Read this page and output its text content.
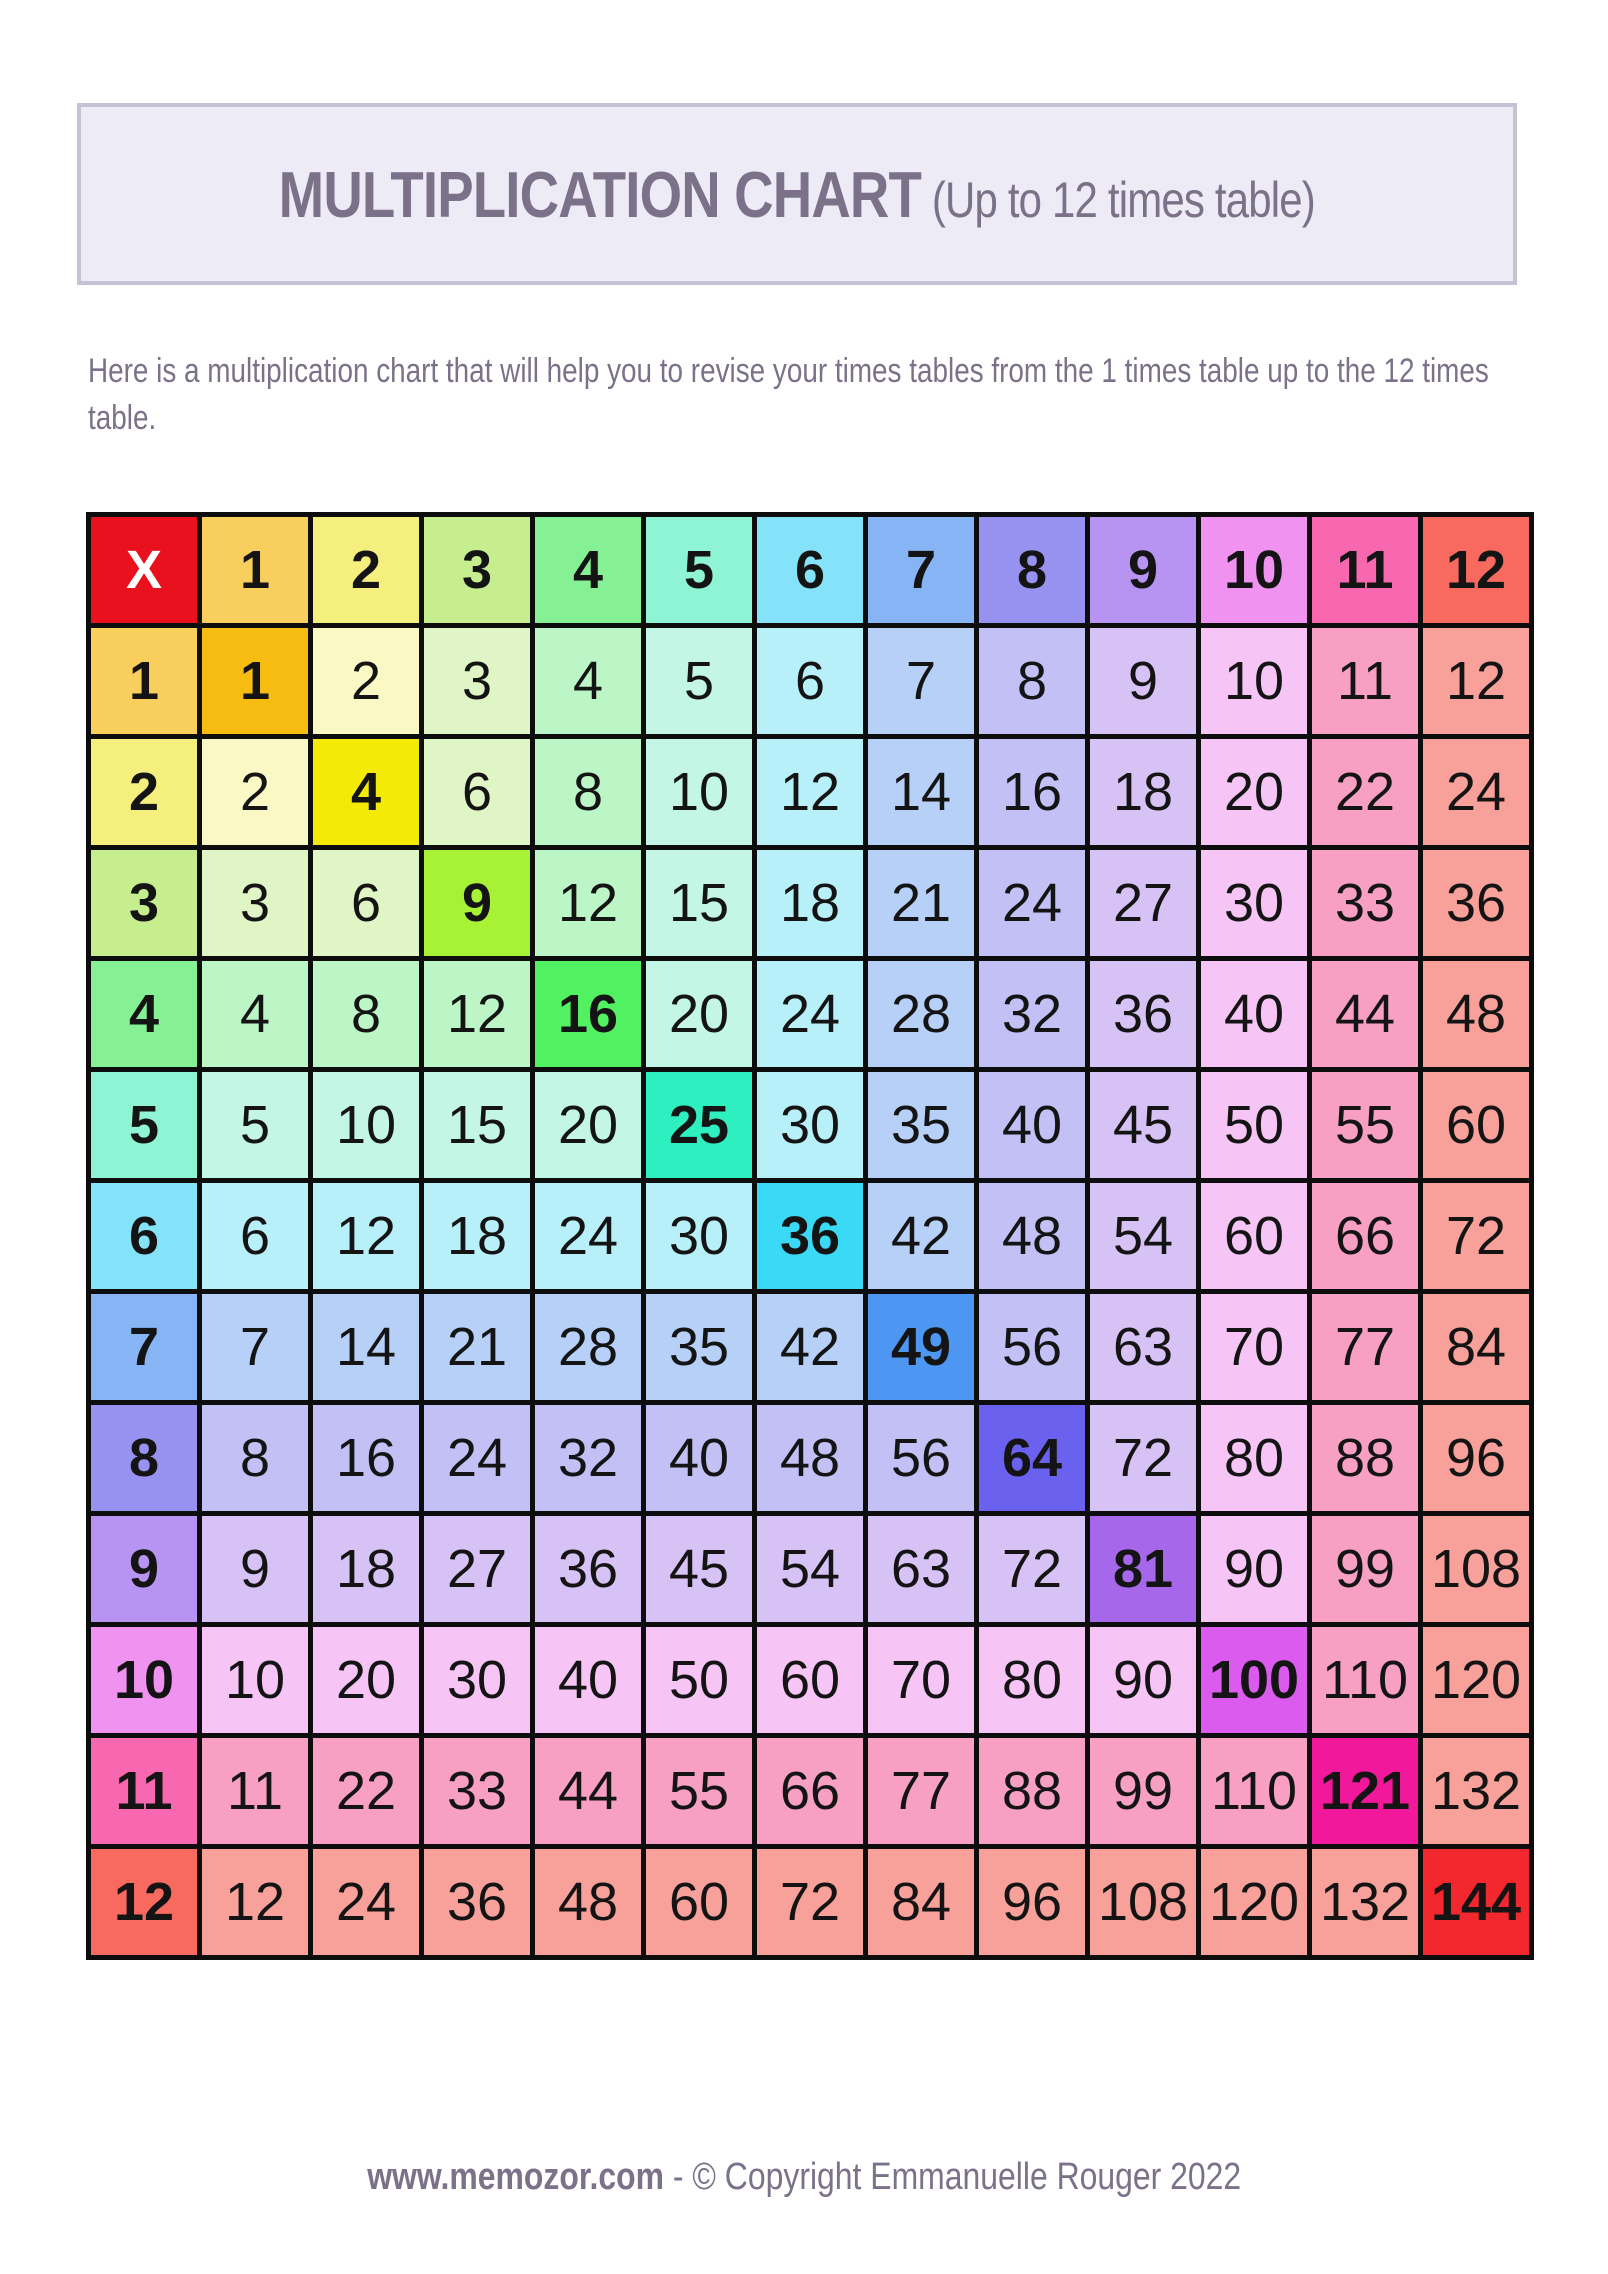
MULTIPLICATION CHART (Up to 12 times table)
Here is a multiplication chart that will help you to revise your times tables from the 1 times table up to the 12 times table.
X	1	2	3	4	5	6	7	8	9	10 11 12
1	1	2	3	4	5	6	7	8	9	10 11 12
2	2	4	6	8	10 12 14 16 18 20 22 24
3	3	6	9	12 15 18 21 24 27 30 33 36
4	4	8	12 16 20 24 28 32 36 40 44 48
5	5	10 15 20 25 30 35 40 45 50 55 60
6	6	12 18 24 30 36 42 48 54 60 66 72
7	7	14 21 28 35 42 49 56 63 70 77 84
8	8	16 24 32 40 48 56 64 72 80 88 96
9	9	18 27 36 45 54 63 72 81 90 99 108
10 10 20 30 40 50 60 70 80 90 100 110 120
11	11 22 33 44 55 66 77 88 99 110 121 132
12 12 24 36 48 60 72 84 96 108 120 132 144
www.memozor.com - © Copyright Emmanuelle Rouger 2022
